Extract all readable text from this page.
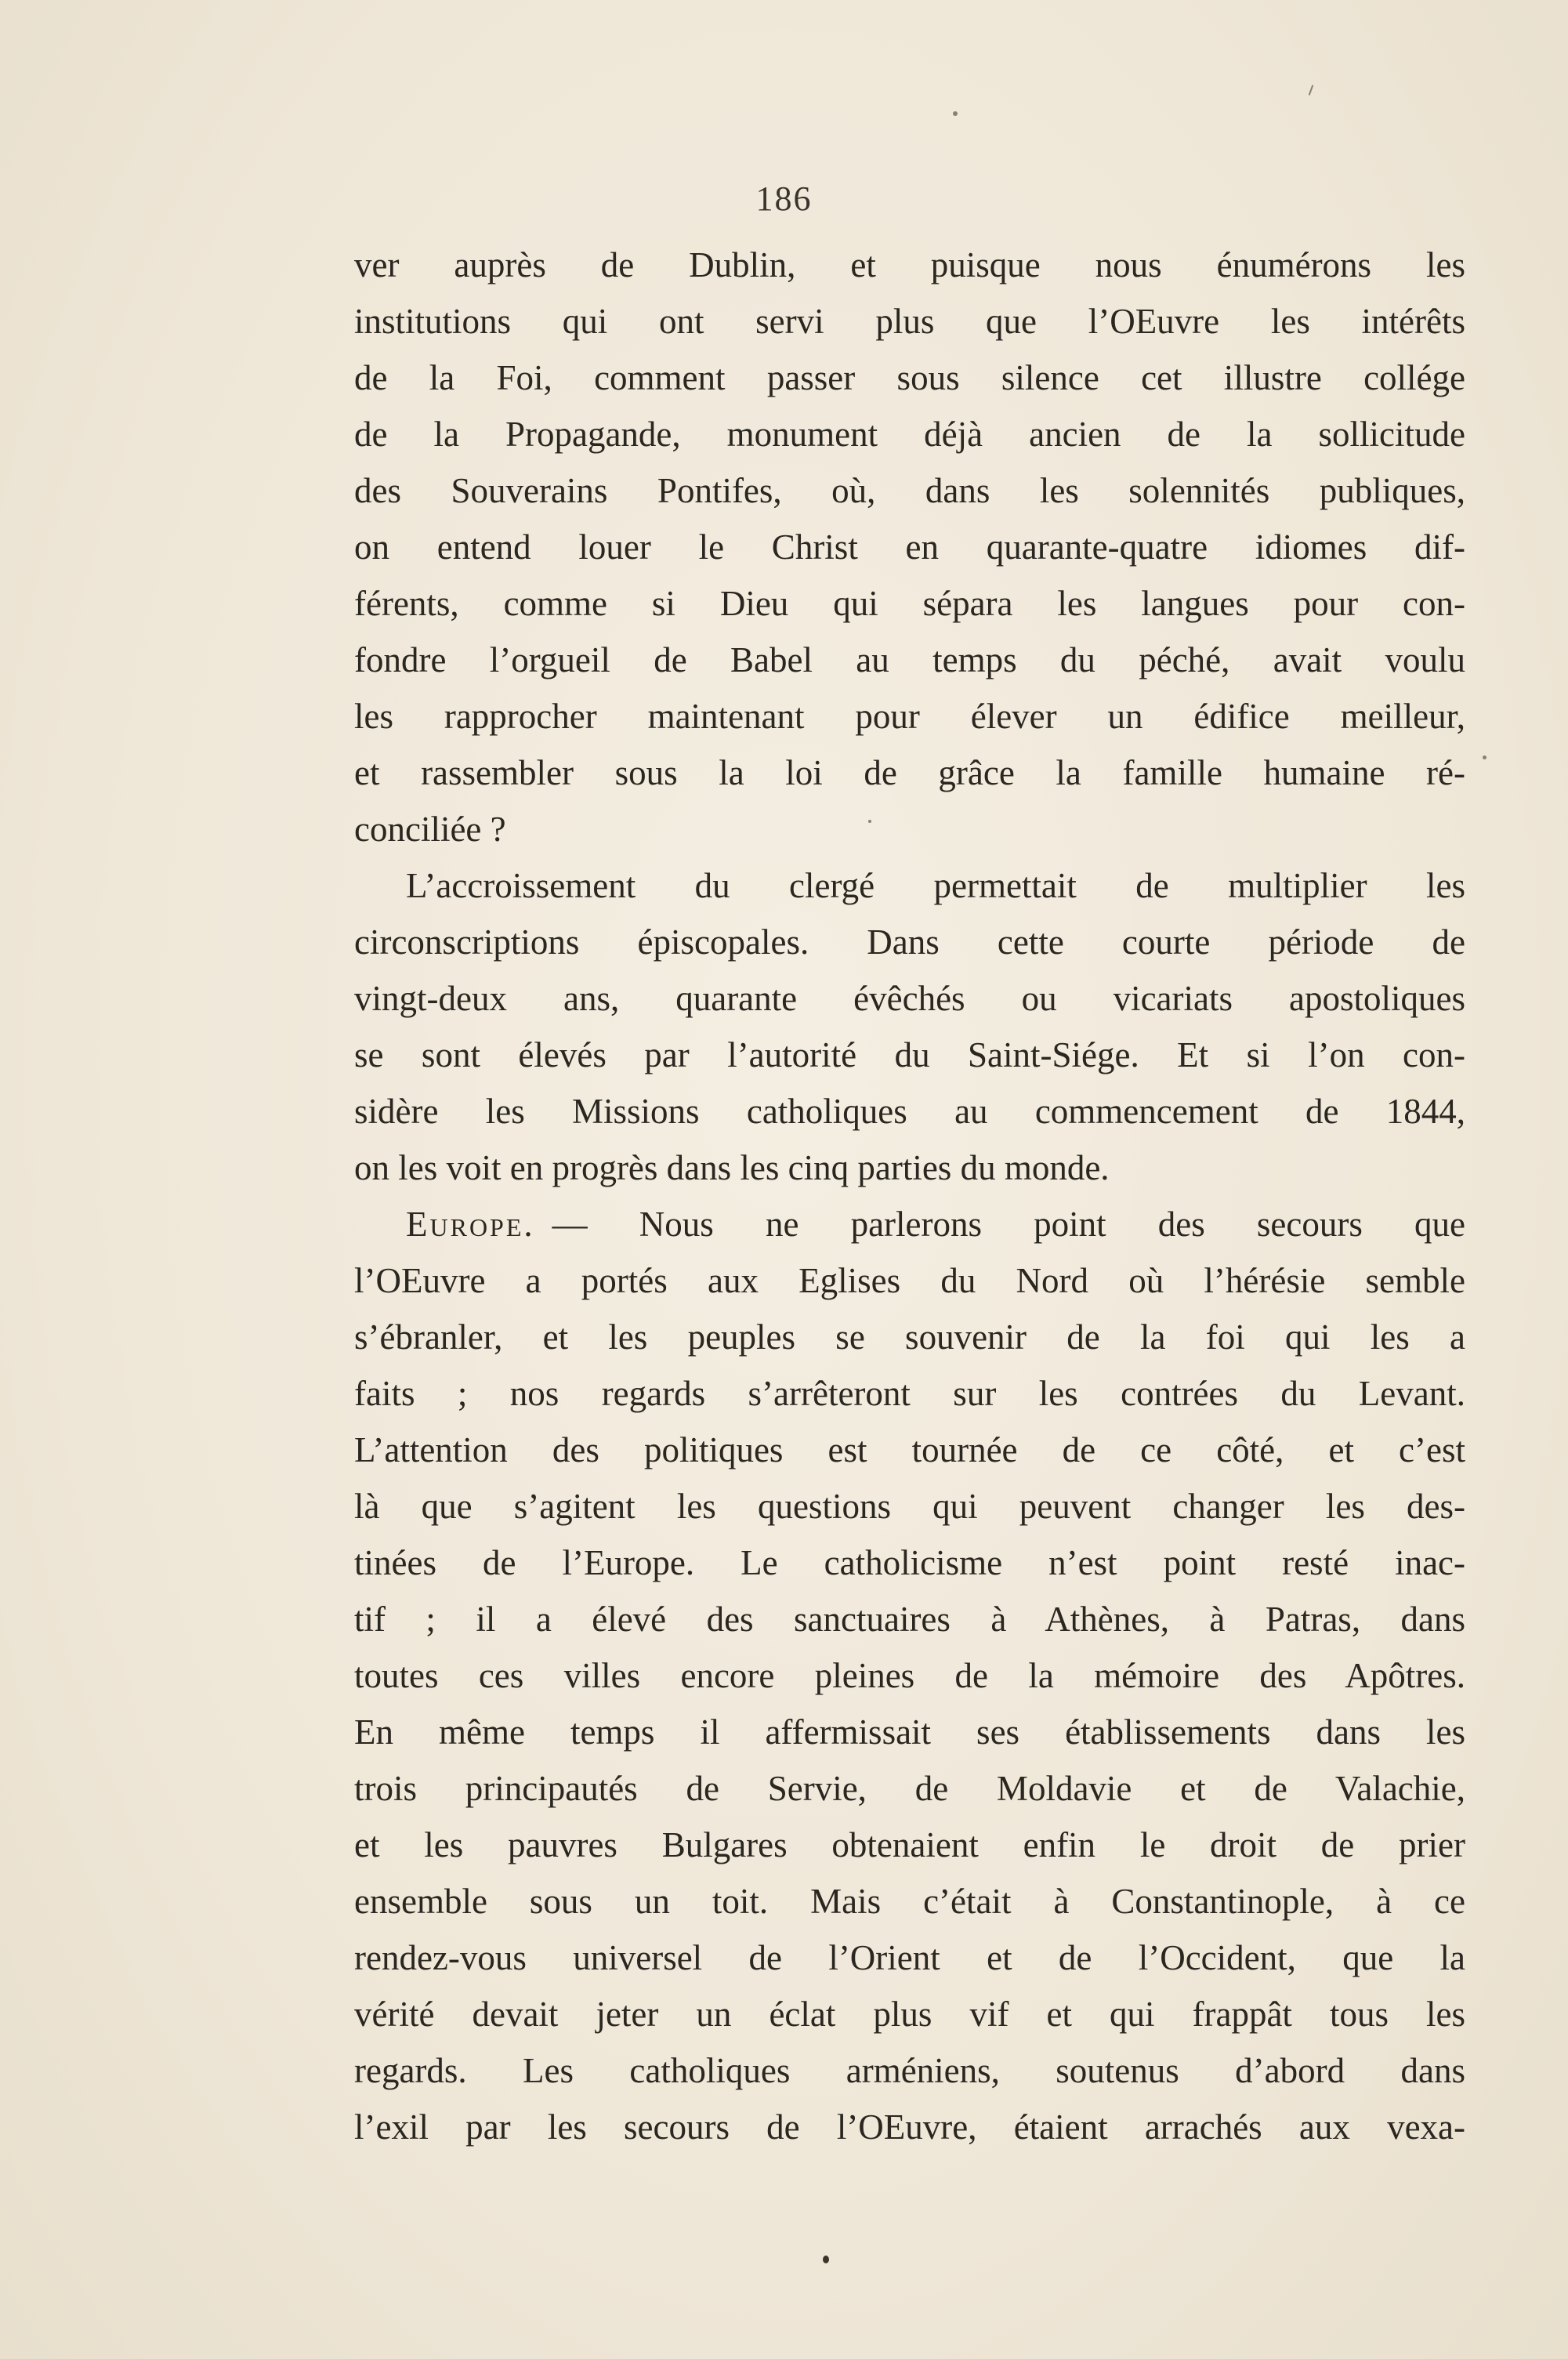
186
ver auprès de Dublin, et puisque nous énumérons les
institutions qui ont servi plus que l’OEuvre les intérêts
de la Foi, comment passer sous silence cet illustre collége
de la Propagande, monument déjà ancien de la sollicitude
des Souverains Pontifes, où, dans les solennités publiques,
on entend louer le Christ en quarante-quatre idiomes dif-
férents, comme si Dieu qui sépara les langues pour con-
fondre l’orgueil de Babel au temps du péché, avait voulu
les rapprocher maintenant pour élever un édifice meilleur,
et rassembler sous la loi de grâce la famille humaine ré-
conciliée ?
L’accroissement du clergé permettait de multiplier les
circonscriptions épiscopales. Dans cette courte période de
vingt-deux ans, quarante évêchés ou vicariats apostoliques
se sont élevés par l’autorité du Saint-Siége. Et si l’on con-
sidère les Missions catholiques au commencement de 1844,
on les voit en progrès dans les cinq parties du monde.
Europe. — Nous ne parlerons point des secours que
l’OEuvre a portés aux Eglises du Nord où l’hérésie semble
s’ébranler, et les peuples se souvenir de la foi qui les a
faits ; nos regards s’arrêteront sur les contrées du Levant.
L’attention des politiques est tournée de ce côté, et c’est
là que s’agitent les questions qui peuvent changer les des-
tinées de l’Europe. Le catholicisme n’est point resté inac-
tif ; il a élevé des sanctuaires à Athènes, à Patras, dans
toutes ces villes encore pleines de la mémoire des Apôtres.
En même temps il affermissait ses établissements dans les
trois principautés de Servie, de Moldavie et de Valachie,
et les pauvres Bulgares obtenaient enfin le droit de prier
ensemble sous un toit. Mais c’était à Constantinople, à ce
rendez-vous universel de l’Orient et de l’Occident, que la
vérité devait jeter un éclat plus vif et qui frappât tous les
regards. Les catholiques arméniens, soutenus d’abord dans
l’exil par les secours de l’OEuvre, étaient arrachés aux vexa-
